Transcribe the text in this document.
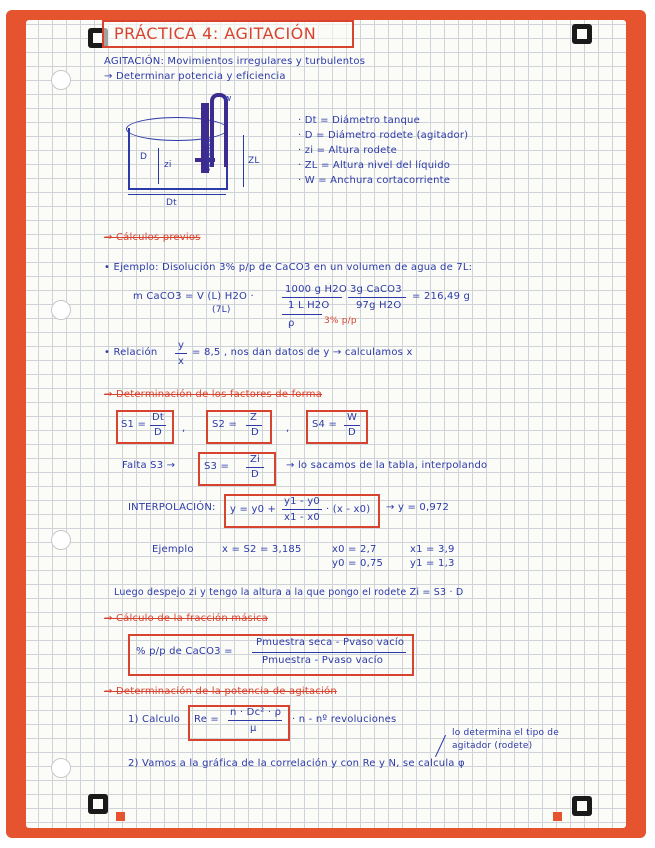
PRÁCTICA 4: AGITACIÓN
AGITACIÓN: Movimientos irregulares y turbulentos
→ Determinar potencia y eficiencia
w
D
zi	ZL
Dt
deflector
· Dt = Diámetro tanque
· D = Diámetro rodete (agitador)
· zi = Altura rodete
· ZL = Altura nivel del líquido
· W = Anchura cortacorriente
→ Cálculos previos
• Ejemplo: Disolución 3% p/p de CaCO3 en un volumen de agua de 7L:
m CaCO3 = V (L) H2O ·
(7L)
1000 g H2O
1 L H2O
ρ	3% p/p
3g CaCO3
97g H2O
= 216,49 g
• Relación
y
x
= 8,5 , nos dan datos de y → calculamos x
→ Determinación de los factores de forma
S1 =
Dt
D ,	S2 =
Z
D	, S4 =
W
D
Falta S3 →	S3 =
Zi
D
→ lo sacamos de la tabla, interpolando
INTERPOLACIÓN: y = y0 +
y1 - y0
x1 - x0
· (x - x0) → y = 0,972
Ejemplo	x = S2 = 3,185	x0 = 2,7
y0 = 0,75
x1 = 3,9
y1 = 1,3
Luego despejo zi y tengo la altura a la que pongo el rodete Zi = S3 · D
→ Cálculo de la fracción másica
% p/p de CaCO3 =
Pmuestra seca - Pvaso vacío
Pmuestra - Pvaso vacío
→ Determinación de la potencia de agitación
1) Calculo Re =
n · Dc² · ρ
μ
· n - nº revoluciones
lo determina el tipo de
agitador (rodete)
2) Vamos a la gráfica de la correlación y con Re y N, se calcula φ
